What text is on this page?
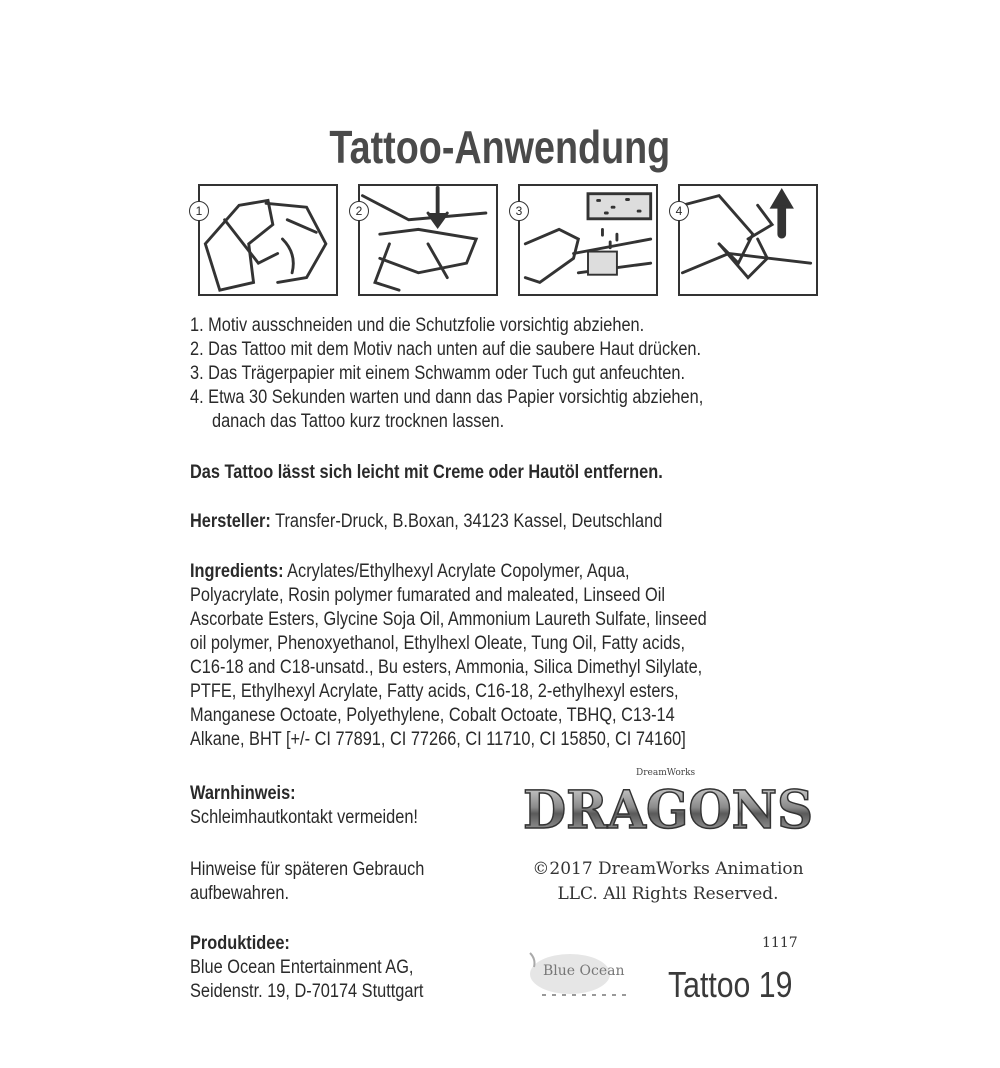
Tattoo-Anwendung
1	2	3	4
1. Motiv ausschneiden und die Schutzfolie vorsichtig abziehen.
2. Das Tattoo mit dem Motiv nach unten auf die saubere Haut drücken.
3. Das Trägerpapier mit einem Schwamm oder Tuch gut anfeuchten.
4. Etwa 30 Sekunden warten und dann das Papier vorsichtig abziehen,
danach das Tattoo kurz trocknen lassen.
Das Tattoo lässt sich leicht mit Creme oder Hautöl entfernen.
Hersteller: Transfer-Druck, B.Boxan, 34123 Kassel, Deutschland
Ingredients: Acrylates/Ethylhexyl Acrylate Copolymer, Aqua,
Polyacrylate, Rosin polymer fumarated and maleated, Linseed Oil
Ascorbate Esters, Glycine Soja Oil, Ammonium Laureth Sulfate, linseed
oil polymer, Phenoxyethanol, Ethylhexl Oleate, Tung Oil, Fatty acids,
C16-18 and C18-unsatd., Bu esters, Ammonia, Silica Dimethyl Silylate,
PTFE, Ethylhexyl Acrylate, Fatty acids, C16-18, 2-ethylhexyl esters,
Manganese Octoate, Polyethylene, Cobalt Octoate, TBHQ, C13-14
Alkane, BHT [+/- CI 77891, CI 77266, CI 11710, CI 15850, CI 74160]
Warnhinweis:
Schleimhautkontakt vermeiden!
Hinweise für späteren Gebrauch
aufbewahren.
Produktidee:
Blue Ocean Entertainment AG,
Seidenstr. 19, D-70174 Stuttgart
DreamWorks
DRAGONS
©2017 DreamWorks Animation
LLC. All Rights Reserved.
1117
Blue Ocean Tattoo 19
